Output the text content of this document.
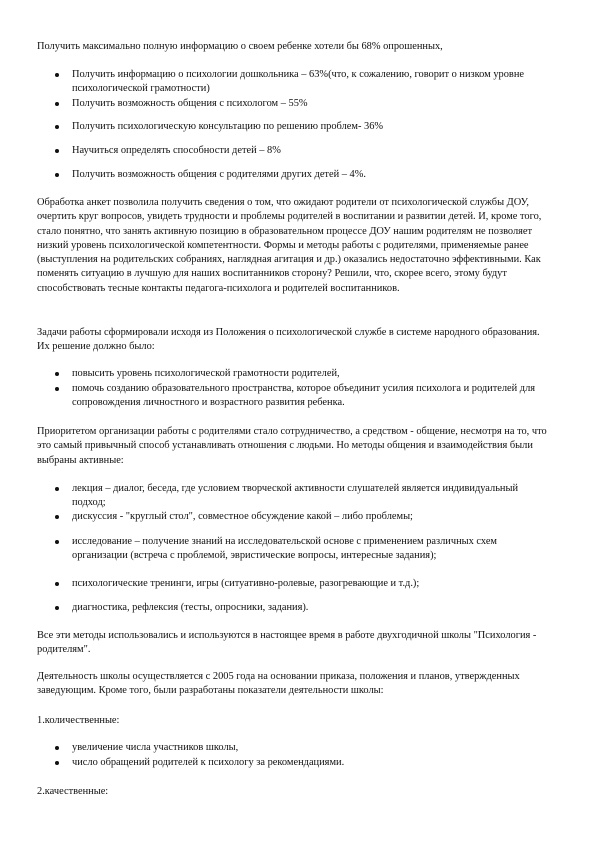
Получить максимально полную информацию о своем ребенке хотели бы 68% опрошенных,

Получить информацию о психологии дошкольника – 63%(что, к сожалению, говорит о низком уровне психологической грамотности)
Получить возможность общения с психологом – 55%
Получить психологическую консультацию по решению проблем- 36%
Научиться определять способности детей – 8%
Получить возможность общения с родителями других детей – 4%.

Обработка анкет позволила получить сведения о том, что ожидают родители от психологической службы ДОУ, очертить круг вопросов, увидеть трудности и проблемы родителей в воспитании и развитии детей. И, кроме того, стало понятно, что занять активную позицию в образовательном процессе ДОУ нашим родителям не позволяет низкий уровень психологической компетентности. Формы и методы работы с родителями, применяемые ранее (выступления на родительских собраниях, наглядная агитация и др.) оказались недостаточно эффективными. Как поменять ситуацию в лучшую для наших воспитанников сторону? Решили, что, скорее всего, этому будут способствовать тесные контакты педагога-психолога и родителей воспитанников.

Задачи работы сформировали исходя из Положения о психологической службе в системе народного образования. Их решение должно было:

повысить уровень психологической грамотности родителей,
помочь созданию образовательного пространства, которое объединит усилия психолога и родителей для сопровождения личностного и возрастного развития ребенка.

Приоритетом организации работы с родителями стало сотрудничество, а средством - общение, несмотря на то, что это самый привычный способ устанавливать отношения с людьми. Но методы общения и взаимодействия были выбраны активные:

лекция – диалог, беседа, где условием творческой активности слушателей является индивидуальный подход;
дискуссия - "круглый стол", совместное обсуждение какой – либо проблемы;
исследование – получение знаний на исследовательской основе с применением различных схем организации (встреча с проблемой, эвристические вопросы, интересные задания);
психологические тренинги, игры (ситуативно-ролевые, разогревающие и т.д.);
диагностика, рефлексия (тесты, опросники, задания).

Все эти методы использовались и используются в настоящее время в работе двухгодичной школы "Психология - родителям".

Деятельность школы осуществляется с 2005 года на основании приказа, положения и планов, утвержденных заведующим. Кроме того, были разработаны показатели деятельности школы:

1.количественные:

увеличение числа участников школы,
число обращений родителей к психологу за рекомендациями.

2.качественные:
